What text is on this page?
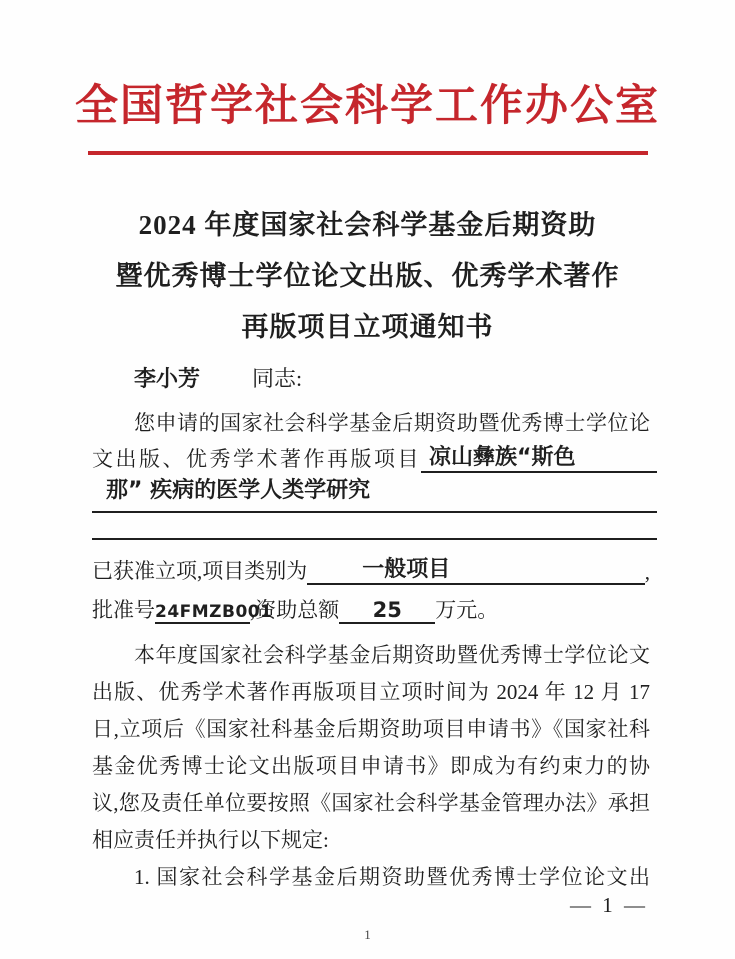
全国哲学社会科学工作办公室
2024 年度国家社会科学基金后期资助
暨优秀博士学位论文出版、优秀学术著作
再版项目立项通知书
李小芳 同志:
您申请的国家社会科学基金后期资助暨优秀博士学位论
文出版、优秀学术著作再版项目 凉山彝族“斯色
那” 疾病的医学人类学研究
已获准立项,项目类别为	一般项目	,
批准号 24FMZB001
,资助总额	25	万元。
本年度国家社会科学基金后期资助暨优秀博士学位论文
出版、优秀学术著作再版项目立项时间为 2024 年 12 月 17
日,立项后《国家社科基金后期资助项目申请书》《国家社科
基金优秀博士论文出版项目申请书》即成为有约束力的协
议,您及责任单位要按照《国家社会科学基金管理办法》承担
相应责任并执行以下规定:
1. 国家社会科学基金后期资助暨优秀博士学位论文出
— 1 —
1
